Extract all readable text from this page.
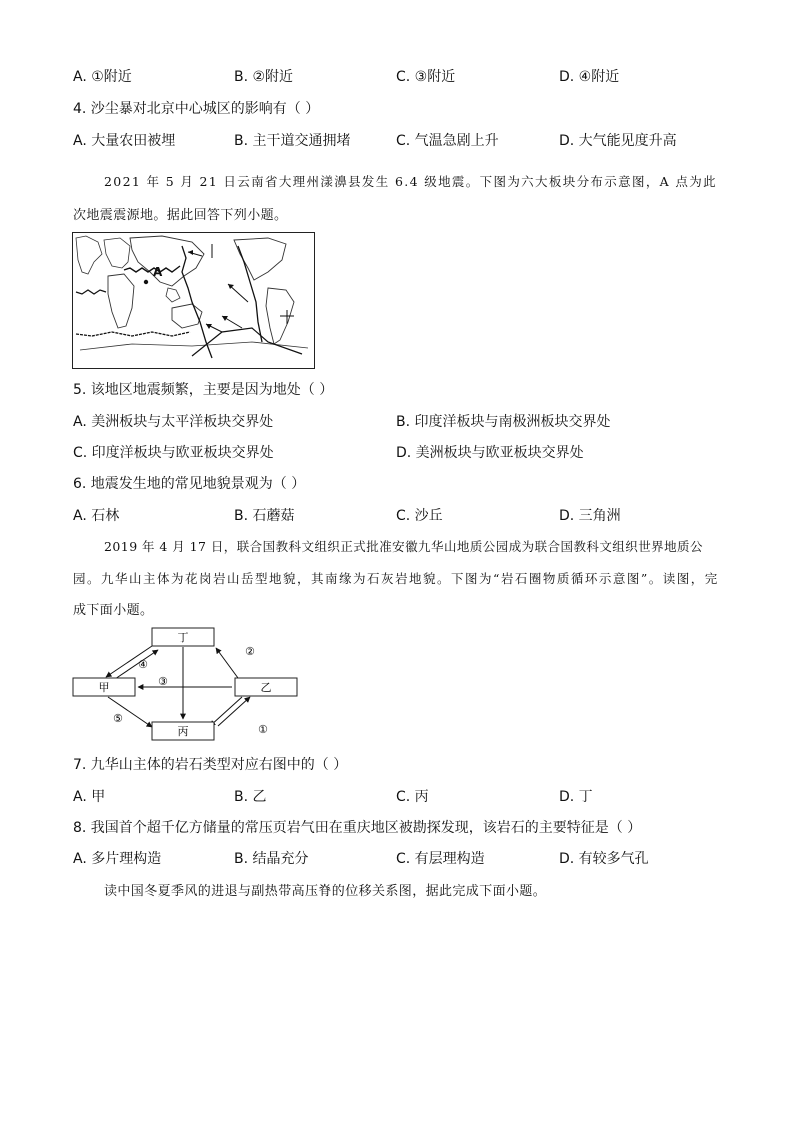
A. ①附近	B. ②附近	C. ③附近	D. ④附近
4. 沙尘暴对北京中心城区的影响有（ ）
A. 大量农田被埋	B. 主干道交通拥堵	C. 气温急剧上升	D. 大气能见度升高
2021 年 5 月 21 日云南省大理州漾濞县发生 6.4 级地震。下图为六大板块分布示意图，A 点为此
次地震震源地。据此回答下列小题。
A
5. 该地区地震频繁，主要是因为地处（ ）
A. 美洲板块与太平洋板块交界处	B. 印度洋板块与南极洲板块交界处
C. 印度洋板块与欧亚板块交界处	D. 美洲板块与欧亚板块交界处
6. 地震发生地的常见地貌景观为（ ）
A. 石林	B. 石蘑菇	C. 沙丘	D. 三角洲
2019 年 4 月 17 日，联合国教科文组织正式批准安徽九华山地质公园成为联合国教科文组织世界地质公
园。九华山主体为花岗岩山岳型地貌，其南缘为石灰岩地貌。下图为“岩石圈物质循环示意图”。读图，完
成下面小题。
丁
甲	乙
丙	①
②
③
④
⑤
7. 九华山主体的岩石类型对应右图中的（ ）
A. 甲	B. 乙	C. 丙	D. 丁
8. 我国首个超千亿方储量的常压页岩气田在重庆地区被勘探发现，该岩石的主要特征是（ ）
A. 多片理构造	B. 结晶充分	C. 有层理构造	D. 有较多气孔
读中国冬夏季风的进退与副热带高压脊的位移关系图，据此完成下面小题。
